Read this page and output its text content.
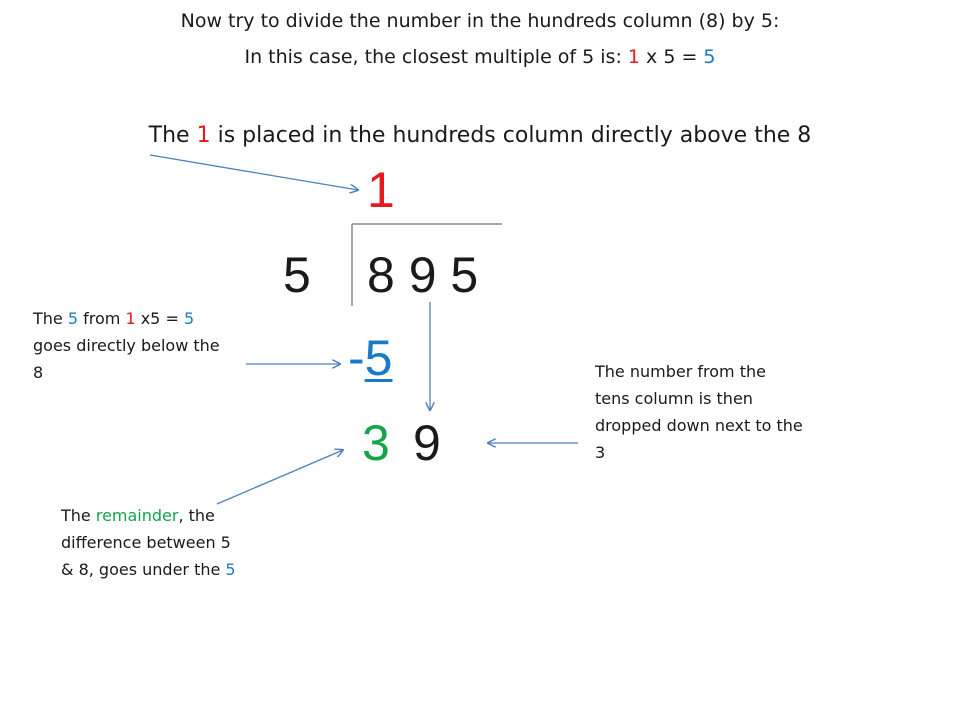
Now try to divide the number in the hundreds column (8) by 5:
In this case, the closest multiple of 5 is: 1 x 5 = 5
The 1 is placed in the hundreds column directly above the 8
1
5 8 9 5
-5
3 9
The 5 from 1 x5 = 5 goes directly below the 8	The number from the tens column is then dropped down next to the 3
The remainder, the difference between 5 & 8, goes under the 5
